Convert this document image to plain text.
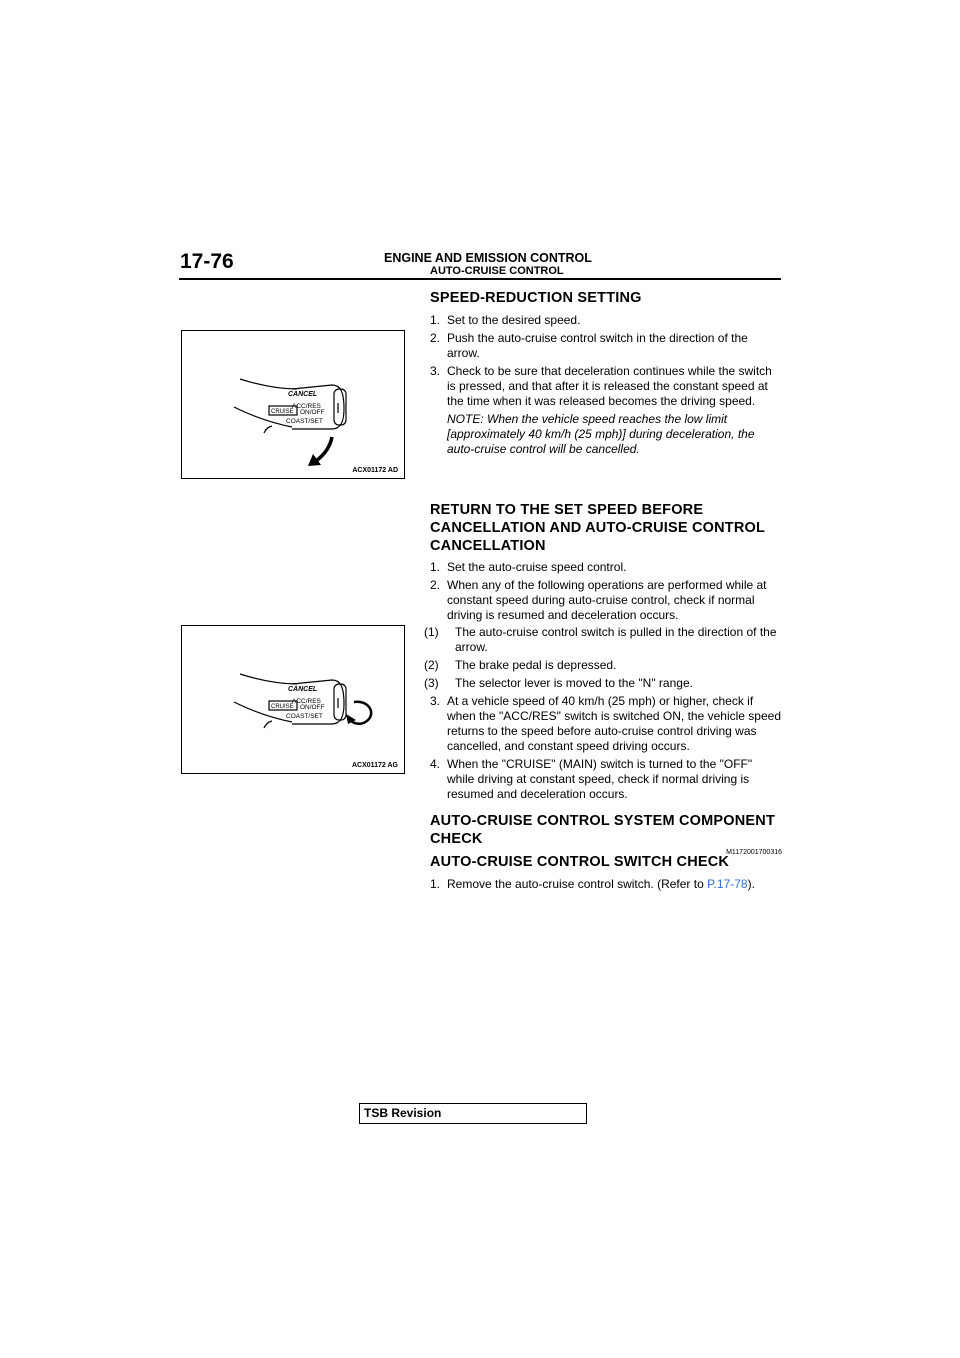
17-76	ENGINE AND EMISSION CONTROL
AUTO-CRUISE CONTROL
CANCEL
ACC/RES
CRUISE ON/OFF
COAST/SET
ACX01172 AD
CANCEL
ACC/RES
CRUISE ON/OFF
COAST/SET
ACX01172 AG
SPEED-REDUCTION SETTING
1. Set to the desired speed.
2. Push the auto-cruise control switch in the direction of the arrow.
3. Check to be sure that deceleration continues while the switch is pressed, and that after it is released the constant speed at the time when it was released becomes the driving speed.
NOTE: When the vehicle speed reaches the low limit [approximately 40 km/h (25 mph)] during deceleration, the auto-cruise control will be cancelled.
RETURN TO THE SET SPEED BEFORE CANCELLATION AND AUTO-CRUISE CONTROL CANCELLATION
1. Set the auto-cruise speed control.
2. When any of the following operations are performed while at constant speed during auto-cruise control, check if normal driving is resumed and deceleration occurs.
(1) The auto-cruise control switch is pulled in the direction of the arrow.
(2) The brake pedal is depressed.
(3) The selector lever is moved to the "N" range.
3. At a vehicle speed of 40 km/h (25 mph) or higher, check if when the "ACC/RES" switch is switched ON, the vehicle speed returns to the speed before auto-cruise control driving was cancelled, and constant speed driving occurs.
4. When the "CRUISE" (MAIN) switch is turned to the "OFF" while driving at constant speed, check if normal driving is resumed and deceleration occurs.
AUTO-CRUISE CONTROL SYSTEM COMPONENT CHECK
M1172001700316
AUTO-CRUISE CONTROL SWITCH CHECK
1. Remove the auto-cruise control switch. (Refer to P.17-78).
TSB Revision
